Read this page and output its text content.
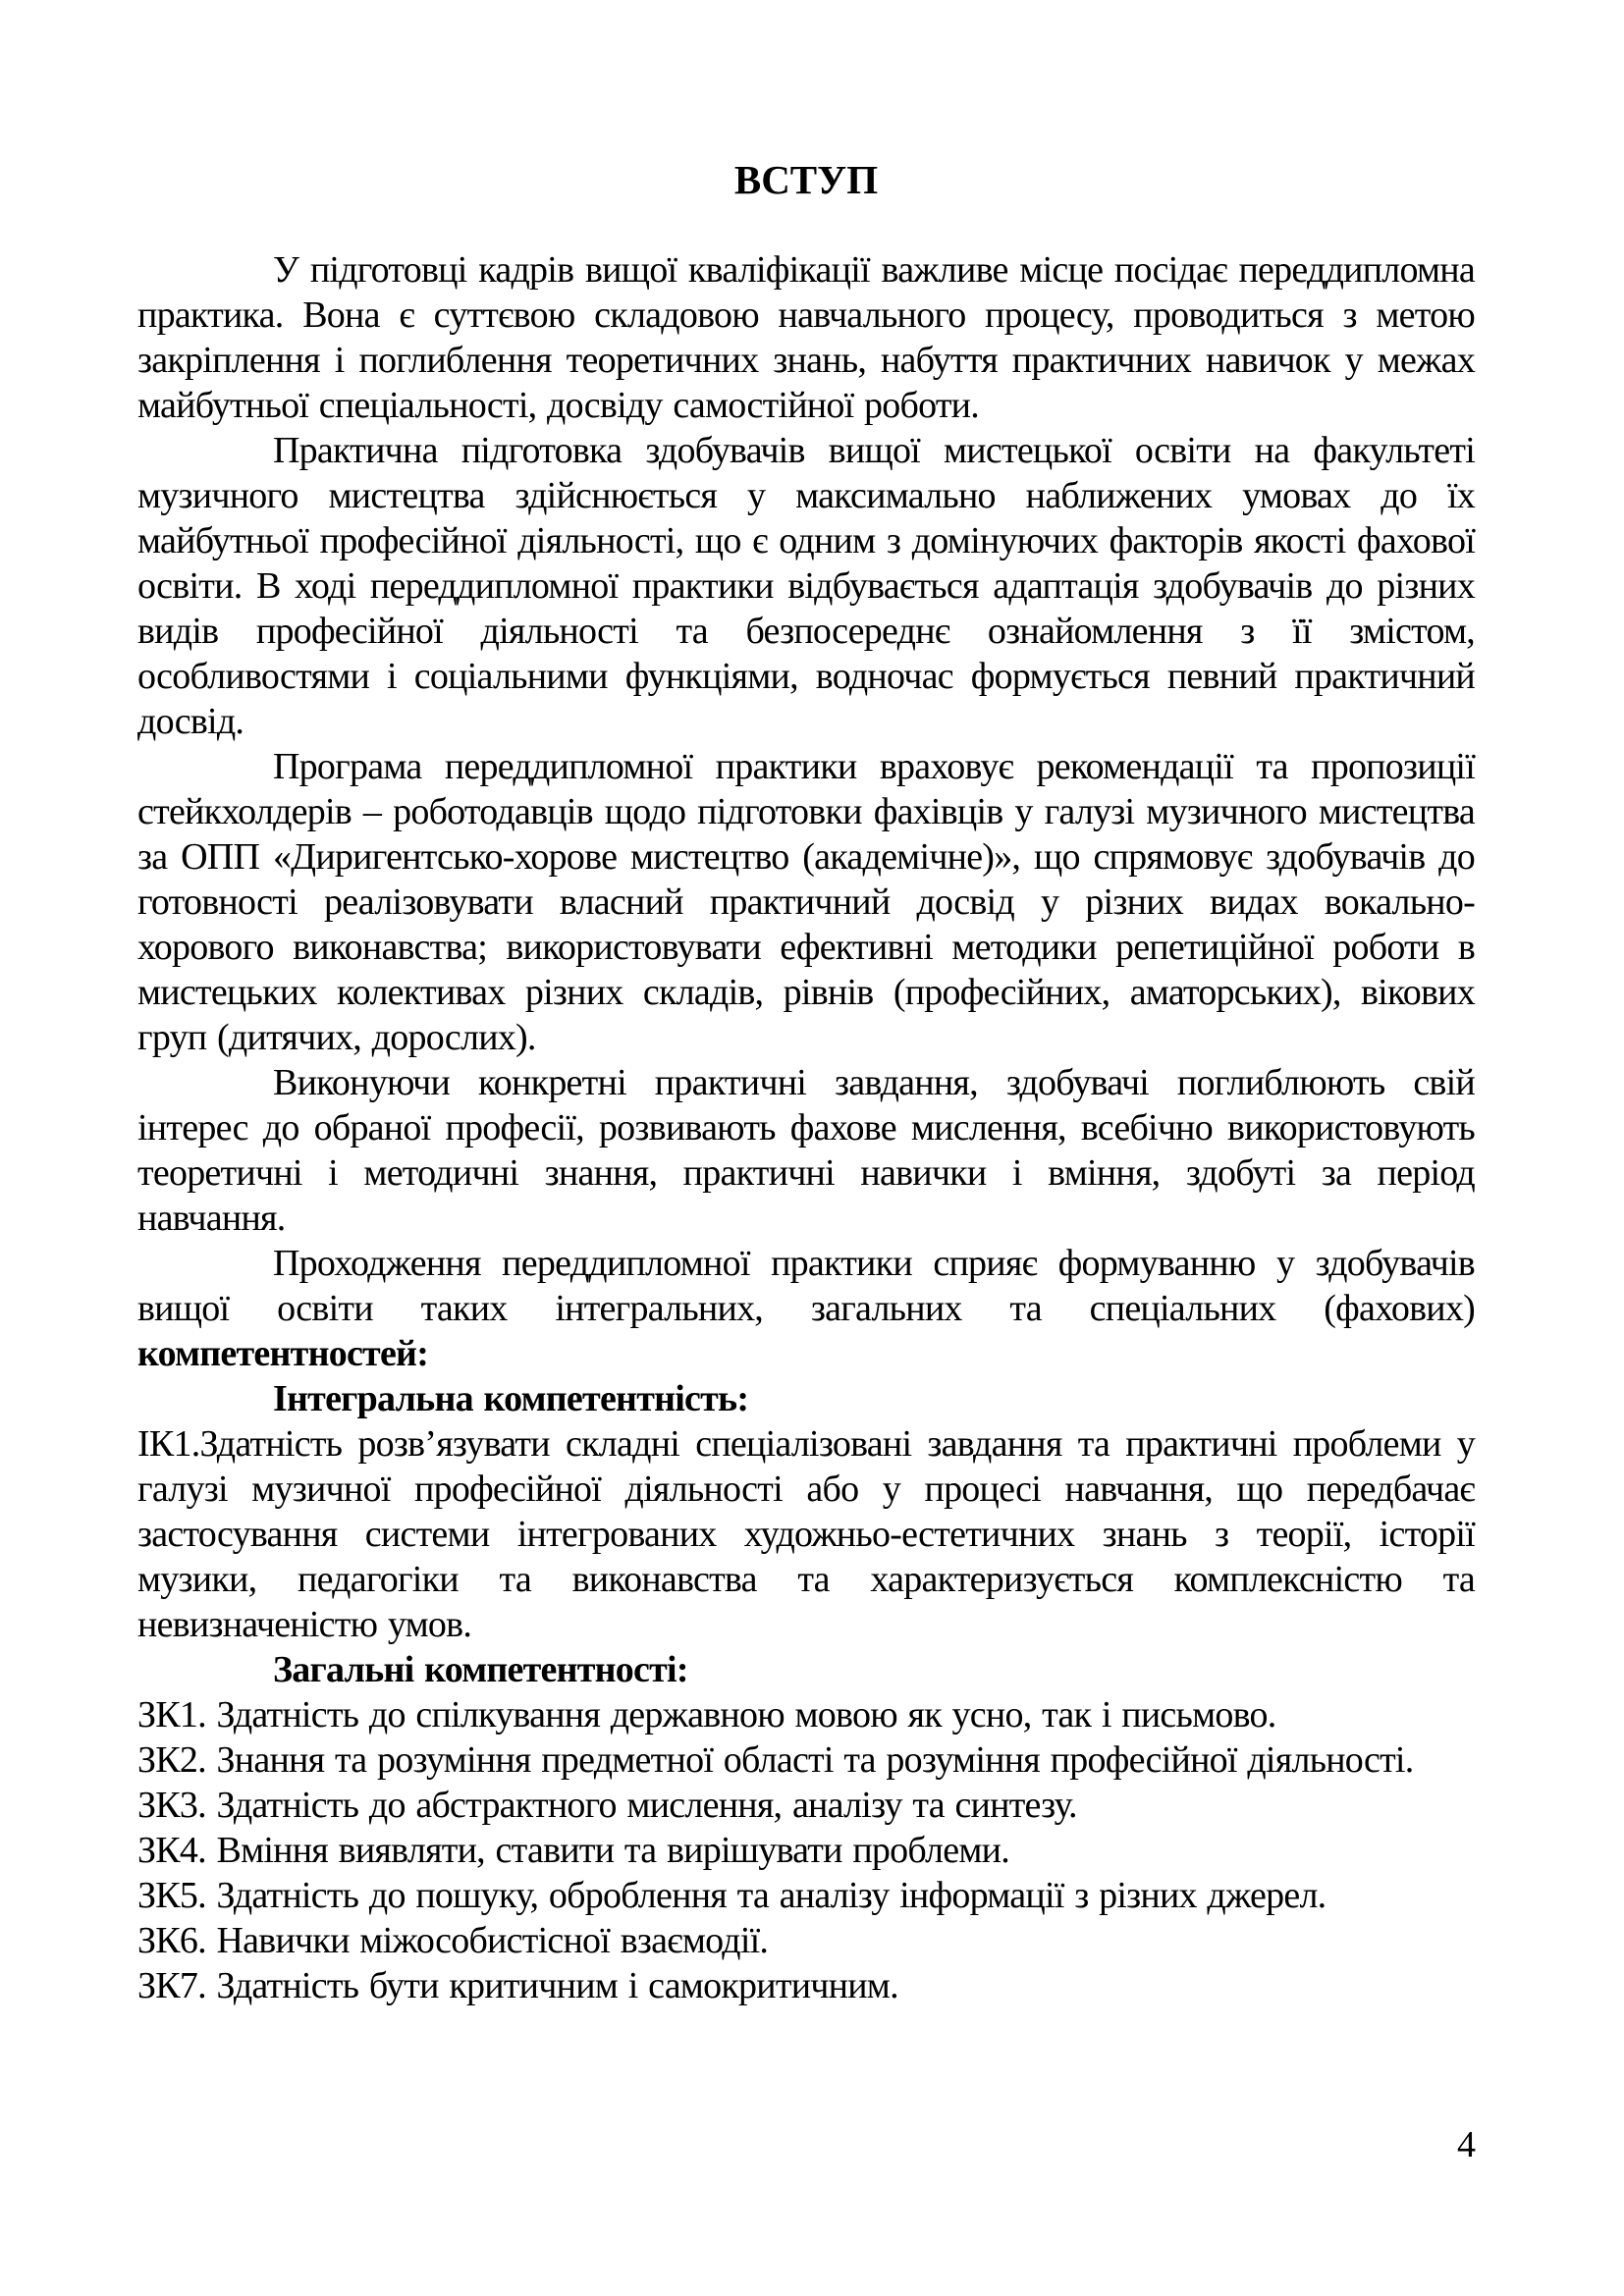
ВСТУП

У підготовці кадрів вищої кваліфікації важливе місце посідає переддипломна практика. Вона є суттєвою складовою навчального процесу, проводиться з метою закріплення і поглиблення теоретичних знань, набуття практичних навичок у межах майбутньої спеціальності, досвіду самостійної роботи.

Практична підготовка здобувачів вищої мистецької освіти на факультеті музичного мистецтва здійснюється у максимально наближених умовах до їх майбутньої професійної діяльності, що є одним з домінуючих факторів якості фахової освіти. В ході переддипломної практики відбувається адаптація здобувачів до різних видів професійної діяльності та безпосереднє ознайомлення з її змістом, особливостями і соціальними функціями, водночас формується певний практичний досвід.

Програма переддипломної практики враховує рекомендації та пропозиції стейкхолдерів – роботодавців щодо підготовки фахівців у галузі музичного мистецтва за ОПП «Диригентсько-хорове мистецтво (академічне)», що спрямовує здобувачів до готовності реалізовувати власний практичний досвід у різних видах вокально-хорового виконавства; використовувати ефективні методики репетиційної роботи в мистецьких колективах різних складів, рівнів (професійних, аматорських), вікових груп (дитячих, дорослих).

Виконуючи конкретні практичні завдання, здобувачі поглиблюють свій інтерес до обраної професії, розвивають фахове мислення, всебічно використовують теоретичні і методичні знання, практичні навички і вміння, здобуті за період навчання.

Проходження переддипломної практики сприяє формуванню у здобувачів вищої освіти таких інтегральних, загальних та спеціальних (фахових) компетентностей:

Інтегральна компетентність:

ІК1.Здатність розв’язувати складні спеціалізовані завдання та практичні проблеми у галузі музичної професійної діяльності або у процесі навчання, що передбачає застосування системи інтегрованих художньо-естетичних знань з теорії, історії музики, педагогіки та виконавства та характеризується комплексністю та невизначеністю умов.

Загальні компетентності:

ЗК1. Здатність до спілкування державною мовою як усно, так і письмово.

ЗК2. Знання та розуміння предметної області та розуміння професійної діяльності.

ЗК3. Здатність до абстрактного мислення, аналізу та синтезу.

ЗК4. Вміння виявляти, ставити та вирішувати проблеми.

ЗК5. Здатність до пошуку, оброблення та аналізу інформації з різних джерел.

ЗК6. Навички міжособистісної взаємодії.

ЗК7. Здатність бути критичним і самокритичним.

4
